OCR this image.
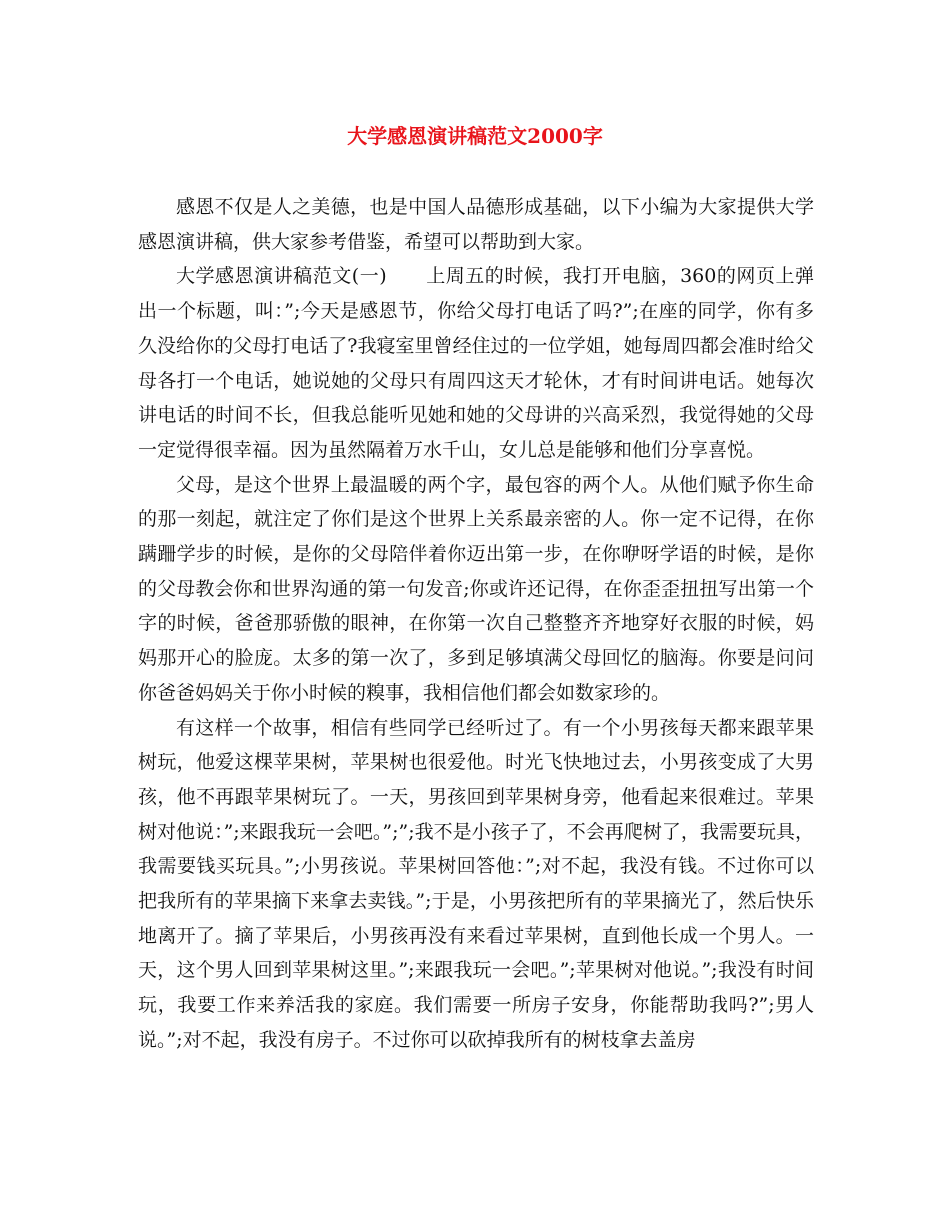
大学感恩演讲稿范文2000字

感恩不仅是人之美德，也是中国人品德形成基础，以下小编为大家提供大学感恩演讲稿，供大家参考借鉴，希望可以帮助到大家。

大学感恩演讲稿范文(一)　　上周五的时候，我打开电脑，360的网页上弹出一个标题，叫：”;今天是感恩节，你给父母打电话了吗?”;在座的同学，你有多久没给你的父母打电话了?我寝室里曾经住过的一位学姐，她每周四都会准时给父母各打一个电话，她说她的父母只有周四这天才轮休，才有时间讲电话。她每次讲电话的时间不长，但我总能听见她和她的父母讲的兴高采烈，我觉得她的父母一定觉得很幸福。因为虽然隔着万水千山，女儿总是能够和他们分享喜悦。

父母，是这个世界上最温暖的两个字，最包容的两个人。从他们赋予你生命的那一刻起，就注定了你们是这个世界上关系最亲密的人。你一定不记得，在你蹒跚学步的时候，是你的父母陪伴着你迈出第一步，在你咿呀学语的时候，是你的父母教会你和世界沟通的第一句发音;你或许还记得，在你歪歪扭扭写出第一个字的时候，爸爸那骄傲的眼神，在你第一次自己整整齐齐地穿好衣服的时候，妈妈那开心的脸庞。太多的第一次了，多到足够填满父母回忆的脑海。你要是问问你爸爸妈妈关于你小时候的糗事，我相信他们都会如数家珍的。

有这样一个故事，相信有些同学已经听过了。有一个小男孩每天都来跟苹果树玩，他爱这棵苹果树，苹果树也很爱他。时光飞快地过去，小男孩变成了大男孩，他不再跟苹果树玩了。一天，男孩回到苹果树身旁，他看起来很难过。苹果树对他说：”;来跟我玩一会吧。”;”;我不是小孩子了，不会再爬树了，我需要玩具，我需要钱买玩具。”;小男孩说。苹果树回答他：”;对不起，我没有钱。不过你可以把我所有的苹果摘下来拿去卖钱。”;于是，小男孩把所有的苹果摘光了，然后快乐地离开了。摘了苹果后，小男孩再没有来看过苹果树，直到他长成一个男人。一天，这个男人回到苹果树这里。”;来跟我玩一会吧。”;苹果树对他说。”;我没有时间玩，我要工作来养活我的家庭。我们需要一所房子安身，你能帮助我吗?”;男人说。”;对不起，我没有房子。不过你可以砍掉我所有的树枝拿去盖房
